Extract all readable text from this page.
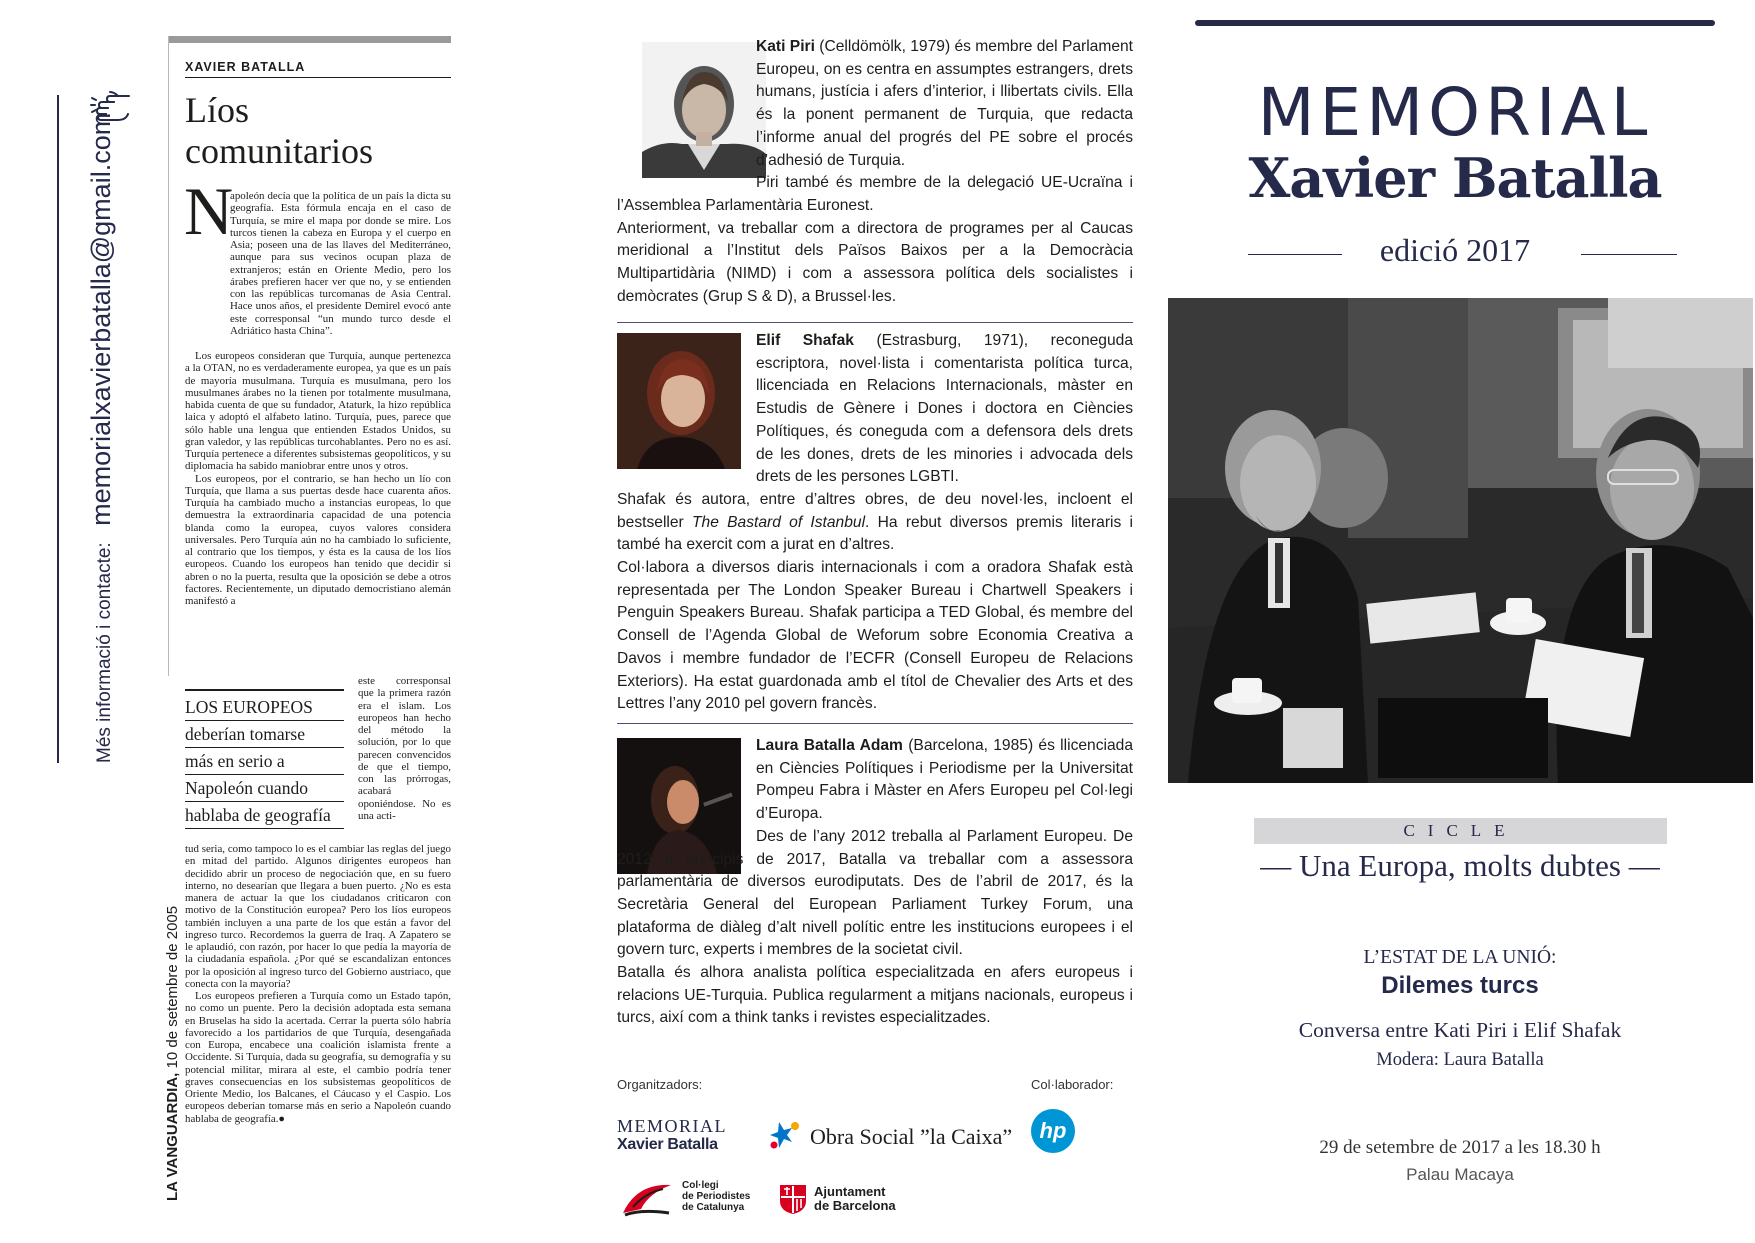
Més informació i contacte: memorialxavierbatalla@gmail.com
LA VANGUARDIA, 10 de setembre de 2005
XAVIER BATALLA
Líos
comunitarios
N
apoleón decía que la política de un país la dicta su geografía. Esta fórmula encaja en el caso de Turquía, se mire el mapa por donde se mire. Los turcos tienen la cabeza en Europa y el cuerpo en Asia; poseen una de las llaves del Mediterráneo, aunque para sus vecinos ocupan plaza de extranjeros; están en Oriente Medio, pero los árabes prefieren hacer ver que no, y se entienden con las repúblicas turcomanas de Asia Central. Hace unos años, el presidente Demirel evocó ante este corresponsal “un mundo turco desde el Adriático hasta China”.

Los europeos consideran que Turquía, aunque pertenezca a la OTAN, no es verdaderamente europea, ya que es un país de mayoría musulmana. Turquía es musulmana, pero los musulmanes árabes no la tienen por totalmente musulmana, habida cuenta de que su fundador, Ataturk, la hizo república laica y adoptó el alfabeto latino. Turquía, pues, parece que sólo hable una lengua que entienden Estados Unidos, su gran valedor, y las repúblicas turcohablantes. Pero no es así. Turquía pertenece a diferentes subsistemas geopolíticos, y su diplomacia ha sabido maniobrar entre unos y otros.

Los europeos, por el contrario, se han hecho un lío con Turquía, que llama a sus puertas desde hace cuarenta años. Turquía ha cambiado mucho a instancias europeas, lo que demuestra la extraordinaria capacidad de una potencia blanda como la europea, cuyos valores considera universales. Pero Turquía aún no ha cambiado lo suficiente, al contrario que los tiempos, y ésta es la causa de los líos europeos. Cuando los europeos han tenido que decidir si abren o no la puerta, resulta que la oposición se debe a otros factores. Recientemente, un diputado democristiano alemán manifestó a

LOS EUROPEOS
deberían tomarse
más en serio a
Napoleón cuando
hablaba de geografía
este corresponsal que la primera razón era el islam. Los europeos han hecho del método la solución, por lo que parecen convencidos de que el tiempo, con las prórrogas, acabará oponiéndose. No es una acti-
tud seria, como tampoco lo es el cambiar las reglas del juego en mitad del partido. Algunos dirigentes europeos han decidido abrir un proceso de negociación que, en su fuero interno, no desearían que llegara a buen puerto. ¿No es esta manera de actuar la que los ciudadanos criticaron con motivo de la Constitución europea? Pero los líos europeos también incluyen a una parte de los que están a favor del ingreso turco. Recordemos la guerra de Iraq. A Zapatero se le aplaudió, con razón, por hacer lo que pedía la mayoría de la ciudadanía española. ¿Por qué se escandalizan entonces por la oposición al ingreso turco del Gobierno austriaco, que conecta con la mayoría?

Los europeos prefieren a Turquía como un Estado tapón, no como un puente. Pero la decisión adoptada esta semana en Bruselas ha sido la acertada. Cerrar la puerta sólo habría favorecido a los partidarios de que Turquía, desengañada con Europa, encabece una coalición islamista frente a Occidente. Si Turquía, dada su geografía, su demografía y su potencial militar, mirara al este, el cambio podría tener graves consecuencias en los subsistemas geopolíticos de Oriente Medio, los Balcanes, el Cáucaso y el Caspio. Los europeos deberían tomarse más en serio a Napoleón cuando hablaba de geografía.●

Kati Piri (Celldömölk, 1979) és membre del Parlament Europeu, on es centra en assumptes estrangers, drets humans, justícia i afers d’interior, i llibertats civils. Ella és la ponent permanent de Turquia, que redacta l’informe anual del progrés del PE sobre el procés d’adhesió de Turquia.

Piri també és membre de la delegació UE-Ucraïna i l’Assemblea Parlamentària Euronest.

Anteriorment, va treballar com a directora de programes per al Caucas meridional a l’Institut dels Països Baixos per a la Democràcia Multipartidària (NIMD) i com a assessora política dels socialistes i demòcrates (Grup S & D), a Brussel·les.

Elif Shafak (Estrasburg, 1971), reconeguda escriptora, novel·lista i comentarista política turca, llicenciada en Relacions Internacionals, màster en Estudis de Gènere i Dones i doctora en Ciències Polítiques, és coneguda com a defensora dels drets de les dones, drets de les minories i advocada dels drets de les persones LGBTI.

Shafak és autora, entre d’altres obres, de deu novel·les, incloent el bestseller The Bastard of Istanbul. Ha rebut diversos premis literaris i també ha exercit com a jurat en d’altres.

Col·labora a diversos diaris internacionals i com a oradora Shafak està representada per The London Speaker Bureau i Chartwell Speakers i Penguin Speakers Bureau. Shafak participa a TED Global, és membre del Consell de l’Agenda Global de Weforum sobre Economia Creativa a Davos i membre fundador de l’ECFR (Consell Europeu de Relacions Exteriors). Ha estat guardonada amb el títol de Chevalier des Arts et des Lettres l’any 2010 pel govern francès.

Laura Batalla Adam (Barcelona, 1985) és llicenciada en Ciències Polítiques i Periodisme per la Universitat Pompeu Fabra i Màster en Afers Europeu pel Col·legi d’Europa.

Des de l’any 2012 treballa al Parlament Europeu. De 2012 a principis de 2017, Batalla va treballar com a assessora parlamentària de diversos eurodiputats. Des de l’abril de 2017, és la Secretària General del European Parliament Turkey Forum, una plataforma de diàleg d’alt nivell polític entre les institucions europees i el govern turc, experts i membres de la societat civil.

Batalla és alhora analista política especialitzada en afers europeus i relacions UE-Turquia. Publica regularment a mitjans nacionals, europeus i turcs, així com a think tanks i revistes especialitzades.

Organitzadors:	Col·laborador:
MEMORIAL
Xavier Batalla	Obra Social ”la Caixa”	hp
Col·legi
de Periodistes
de Catalunya
Ajuntament
de Barcelona
MEMORIAL
Xavier Batalla
edició 2017
CICLE
— Una Europa, molts dubtes —
L’ESTAT DE LA UNIÓ:
Dilemes turcs
Conversa entre Kati Piri i Elif Shafak
Modera: Laura Batalla
29 de setembre de 2017 a les 18.30 h
Palau Macaya
